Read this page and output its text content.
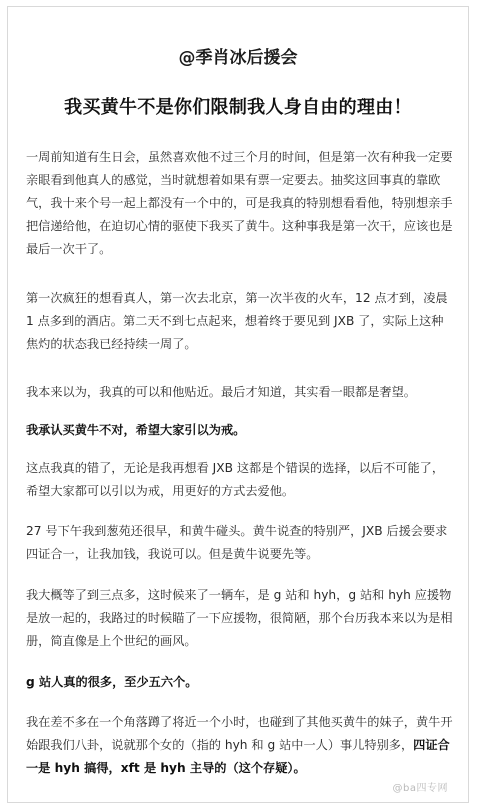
@季肖冰后援会
我买黄牛不是你们限制我人身自由的理由！

一周前知道有生日会，虽然喜欢他不过三个月的时间，但是第一次有种我一定要亲眼看到他真人的感觉，当时就想着如果有票一定要去。抽奖这回事真的靠欧气，我十来个号一起上都没有一个中的，可是我真的特别想看看他，特别想亲手把信递给他，在迫切心情的驱使下我买了黄牛。这种事我是第一次干，应该也是最后一次干了。

第一次疯狂的想看真人，第一次去北京，第一次半夜的火车，12 点才到，凌晨 1 点多到的酒店。第二天不到七点起来，想着终于要见到 JXB 了，实际上这种焦灼的状态我已经持续一周了。

我本来以为，我真的可以和他贴近。最后才知道，其实看一眼都是奢望。

我承认买黄牛不对，希望大家引以为戒。

这点我真的错了，无论是我再想看 JXB 这都是个错误的选择，以后不可能了，希望大家都可以引以为戒，用更好的方式去爱他。

27 号下午我到葱苑还很早，和黄牛碰头。黄牛说查的特别严，JXB 后援会要求四证合一，让我加钱，我说可以。但是黄牛说要先等。

我大概等了到三点多，这时候来了一辆车，是 g 站和 hyh，g 站和 hyh 应援物是放一起的，我路过的时候瞄了一下应援物，很简陋，那个台历我本来以为是相册，简直像是上个世纪的画风。

g 站人真的很多，至少五六个。

我在差不多在一个角落蹲了将近一个小时，也碰到了其他买黄牛的妹子，黄牛开始跟我们八卦，说就那个女的（指的 hyh 和 g 站中一人）事儿特别多，四证合一是 hyh 搞得，xft 是 hyh 主导的（这个存疑）。

@ba四专网
